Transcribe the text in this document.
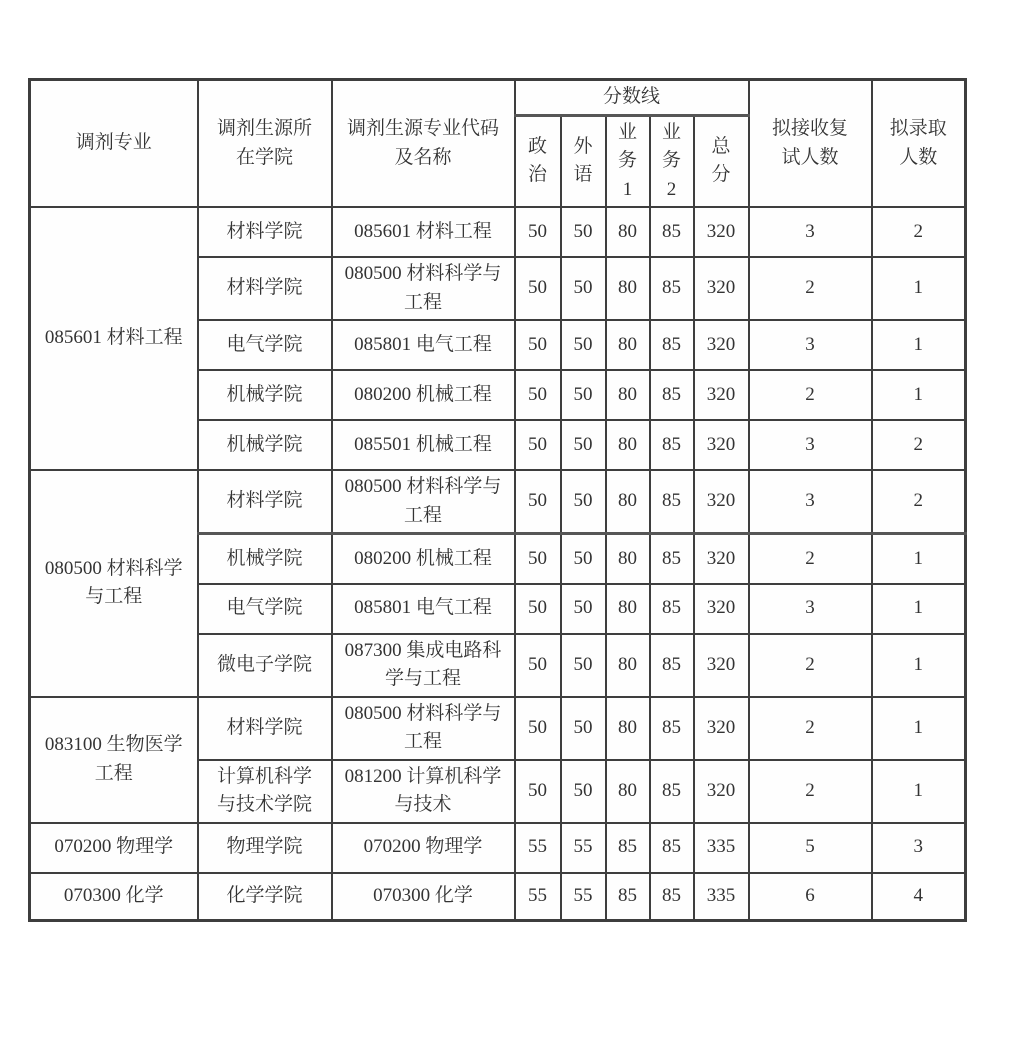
调剂专业	调剂生源所在学院	调剂生源专业代码及名称	分数线					拟接收复试人数	拟录取人数
			政治	外语	业务1	业务2	总分		
085601 材料工程	材料学院	085601 材料工程	50	50	80	85	320	3	2
	材料学院	080500 材料科学与工程	50	50	80	85	320	2	1
	电气学院	085801 电气工程	50	50	80	85	320	3	1
	机械学院	080200 机械工程	50	50	80	85	320	2	1
	机械学院	085501 机械工程	50	50	80	85	320	3	2
080500 材料科学与工程	材料学院	080500 材料科学与工程	50	50	80	85	320	3	2
	机械学院	080200 机械工程	50	50	80	85	320	2	1
	电气学院	085801 电气工程	50	50	80	85	320	3	1
	微电子学院	087300 集成电路科学与工程	50	50	80	85	320	2	1
083100 生物医学工程	材料学院	080500 材料科学与工程	50	50	80	85	320	2	1
	计算机科学与技术学院	081200 计算机科学与技术	50	50	80	85	320	2	1
070200 物理学	物理学院	070200 物理学	55	55	85	85	335	5	3
070300 化学	化学学院	070300 化学	55	55	85	85	335	6	4
